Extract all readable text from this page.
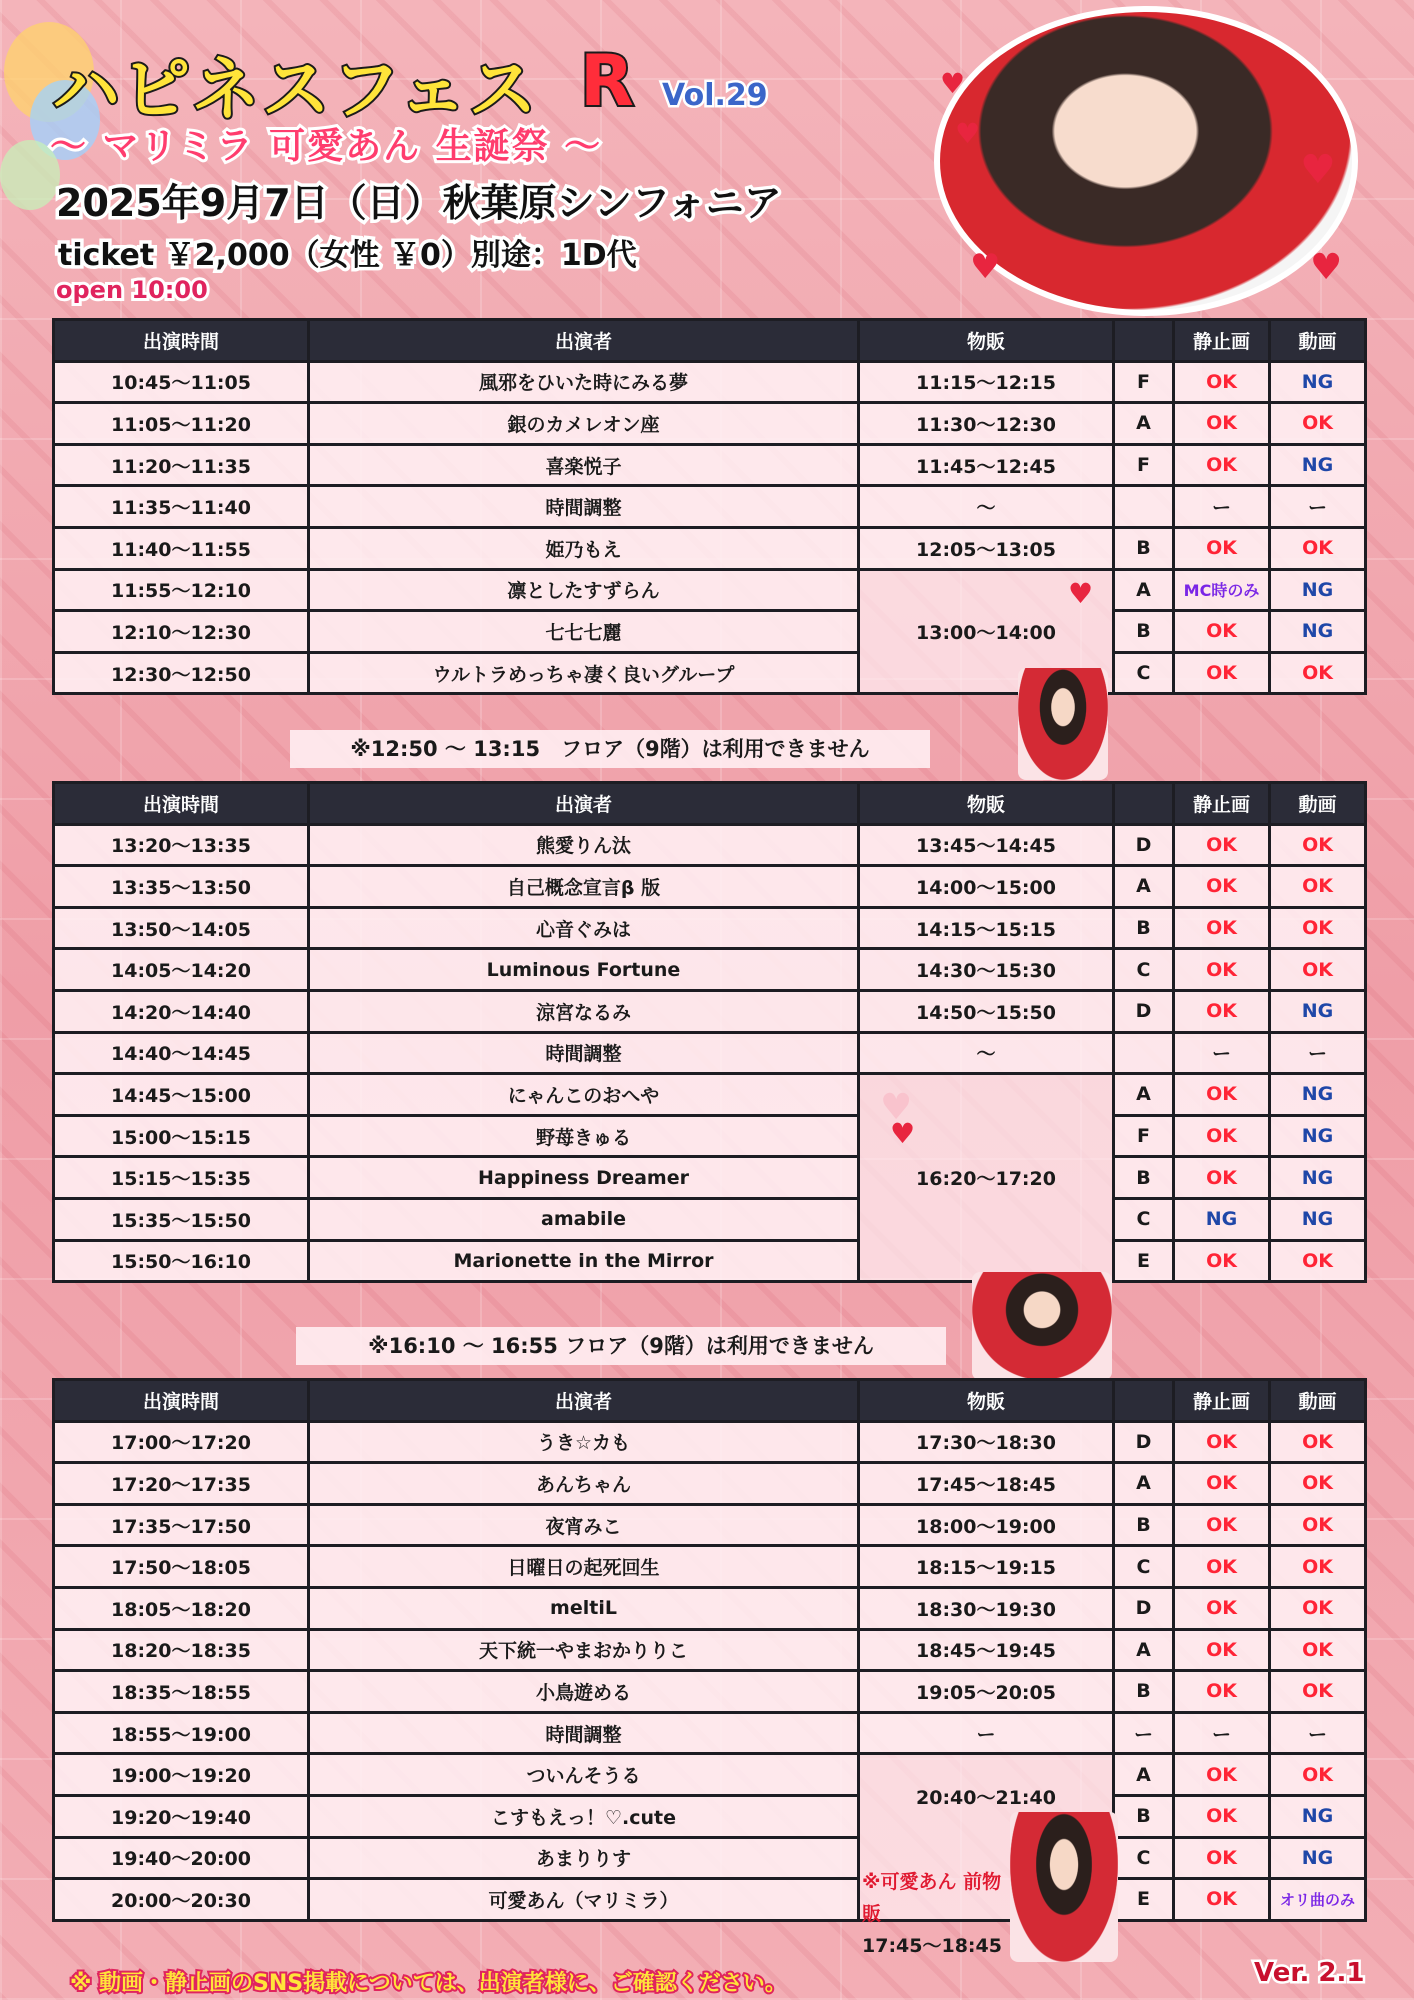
ハピネスフェス R Vol.29
〜 マリミラ 可愛あん 生誕祭 〜
2025年9月7日（日）秋葉原シンフォニア
ticket ￥2,000（女性 ￥0）別途：1D代
open 10:00
♥
♥
♥
♥
♥
出演時間	出演者	物販		静止画	動画
10:45〜11:05	風邪をひいた時にみる夢	11:15〜12:15	F	OK	NG
11:05〜11:20	銀のカメレオン座	11:30〜12:30	A	OK	OK
11:20〜11:35	喜楽悦子	11:45〜12:45	F	OK	NG
11:35〜11:40	時間調整	〜		ー	ー
11:40〜11:55	姫乃もえ	12:05〜13:05	B	OK	OK
11:55〜12:10	凛としたすずらん	13:00〜14:00	A	MC時のみ	NG
12:10〜12:30	七七七麗		B	OK	NG
12:30〜12:50	ウルトラめっちゃ凄く良いグループ		C	OK	OK
※12:50 〜 13:15　フロア（9階）は利用できません
出演時間	出演者	物販		静止画	動画
13:20〜13:35	熊愛りん汰	13:45〜14:45	D	OK	OK
13:35〜13:50	自己概念宣言β 版	14:00〜15:00	A	OK	OK
13:50〜14:05	心音ぐみは	14:15〜15:15	B	OK	OK
14:05〜14:20	Luminous Fortune	14:30〜15:30	C	OK	OK
14:20〜14:40	涼宮なるみ	14:50〜15:50	D	OK	NG
14:40〜14:45	時間調整	〜		ー	ー
14:45〜15:00	にゃんこのおへや	16:20〜17:20	A	OK	NG
15:00〜15:15	野苺きゅる		F	OK	NG
15:15〜15:35	Happiness Dreamer		B	OK	NG
15:35〜15:50	amabile		C	NG	NG
15:50〜16:10	Marionette in the Mirror		E	OK	OK
※16:10 〜 16:55 フロア（9階）は利用できません
出演時間	出演者	物販		静止画	動画
17:00〜17:20	うき☆カも	17:30〜18:30	D	OK	OK
17:20〜17:35	あんちゃん	17:45〜18:45	A	OK	OK
17:35〜17:50	夜宵みこ	18:00〜19:00	B	OK	OK
17:50〜18:05	日曜日の起死回生	18:15〜19:15	C	OK	OK
18:05〜18:20	meltiL	18:30〜19:30	D	OK	OK
18:20〜18:35	天下統一やまおかりりこ	18:45〜19:45	A	OK	OK
18:35〜18:55	小鳥遊める	19:05〜20:05	B	OK	OK
18:55〜19:00	時間調整	ー	ー	ー	ー
19:00〜19:20	ついんそうる	20:40〜21:40	A	OK	OK
19:20〜19:40	こすもえっ！♡.cute		B	OK	NG
19:40〜20:00	あまりりす		C	OK	NG
20:00〜20:30	可愛あん（マリミラ）		E	OK	オリ曲のみ
※可愛あん 前物販
17:45〜18:45
♥
♥
♥
※ 動画・静止画のSNS掲載については、出演者様に、ご確認ください。	Ver. 2.1
